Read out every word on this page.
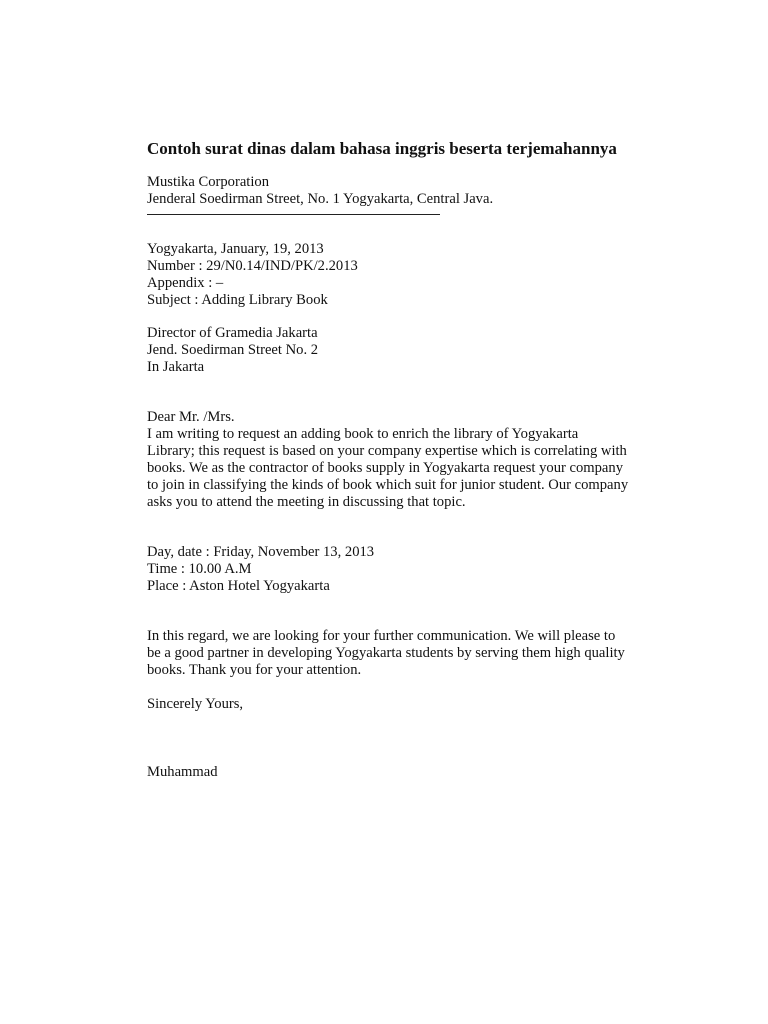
Contoh surat dinas dalam bahasa inggris beserta terjemahannya
Mustika Corporation
Jenderal Soedirman Street, No. 1 Yogyakarta, Central Java.
Yogyakarta, January, 19, 2013
Number : 29/N0.14/IND/PK/2.2013
Appendix : –
Subject : Adding Library Book
Director of Gramedia Jakarta
Jend. Soedirman Street No. 2
In Jakarta
Dear Mr. /Mrs.
I am writing to request an adding book to enrich the library of Yogyakarta
Library; this request is based on your company expertise which is correlating with
books. We as the contractor of books supply in Yogyakarta request your company
to join in classifying the kinds of book which suit for junior student. Our company
asks you to attend the meeting in discussing that topic.
Day, date : Friday, November 13, 2013
Time : 10.00 A.M
Place : Aston Hotel Yogyakarta
In this regard, we are looking for your further communication. We will please to
be a good partner in developing Yogyakarta students by serving them high quality
books. Thank you for your attention.
Sincerely Yours,
Muhammad
